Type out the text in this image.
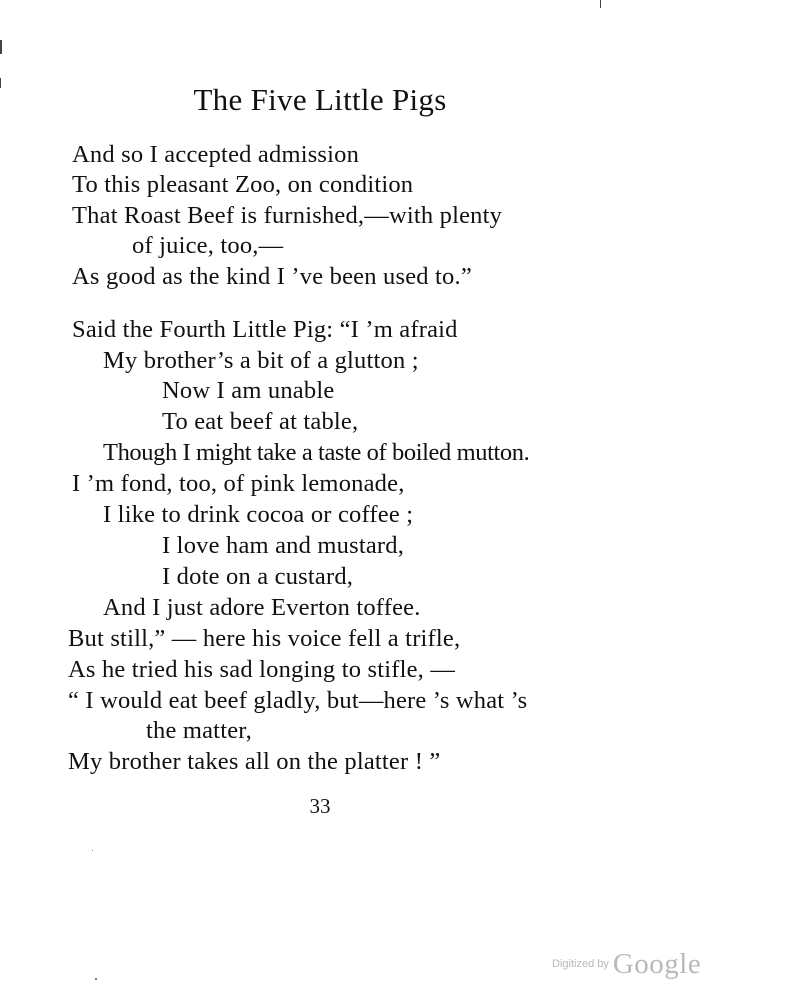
The Five Little Pigs
And so I accepted admission
To this pleasant Zoo, on condition
That Roast Beef is furnished,—with plenty
of juice, too,—
As good as the kind I ’ve been used to.”
Said the Fourth Little Pig: “I ’m afraid
My brother’s a bit of a glutton ;
Now I am unable
To eat beef at table,
Though I might take a taste of boiled mutton.
I ’m fond, too, of pink lemonade,
I like to drink cocoa or coffee ;
I love ham and mustard,
I dote on a custard,
And I just adore Everton toffee.
But still,” — here his voice fell a trifle,
As he tried his sad longing to stifle, —
“ I would eat beef gladly, but—here ’s what ’s
the matter,
My brother takes all on the platter ! ”
33
$^{Digitized by}$ Google
